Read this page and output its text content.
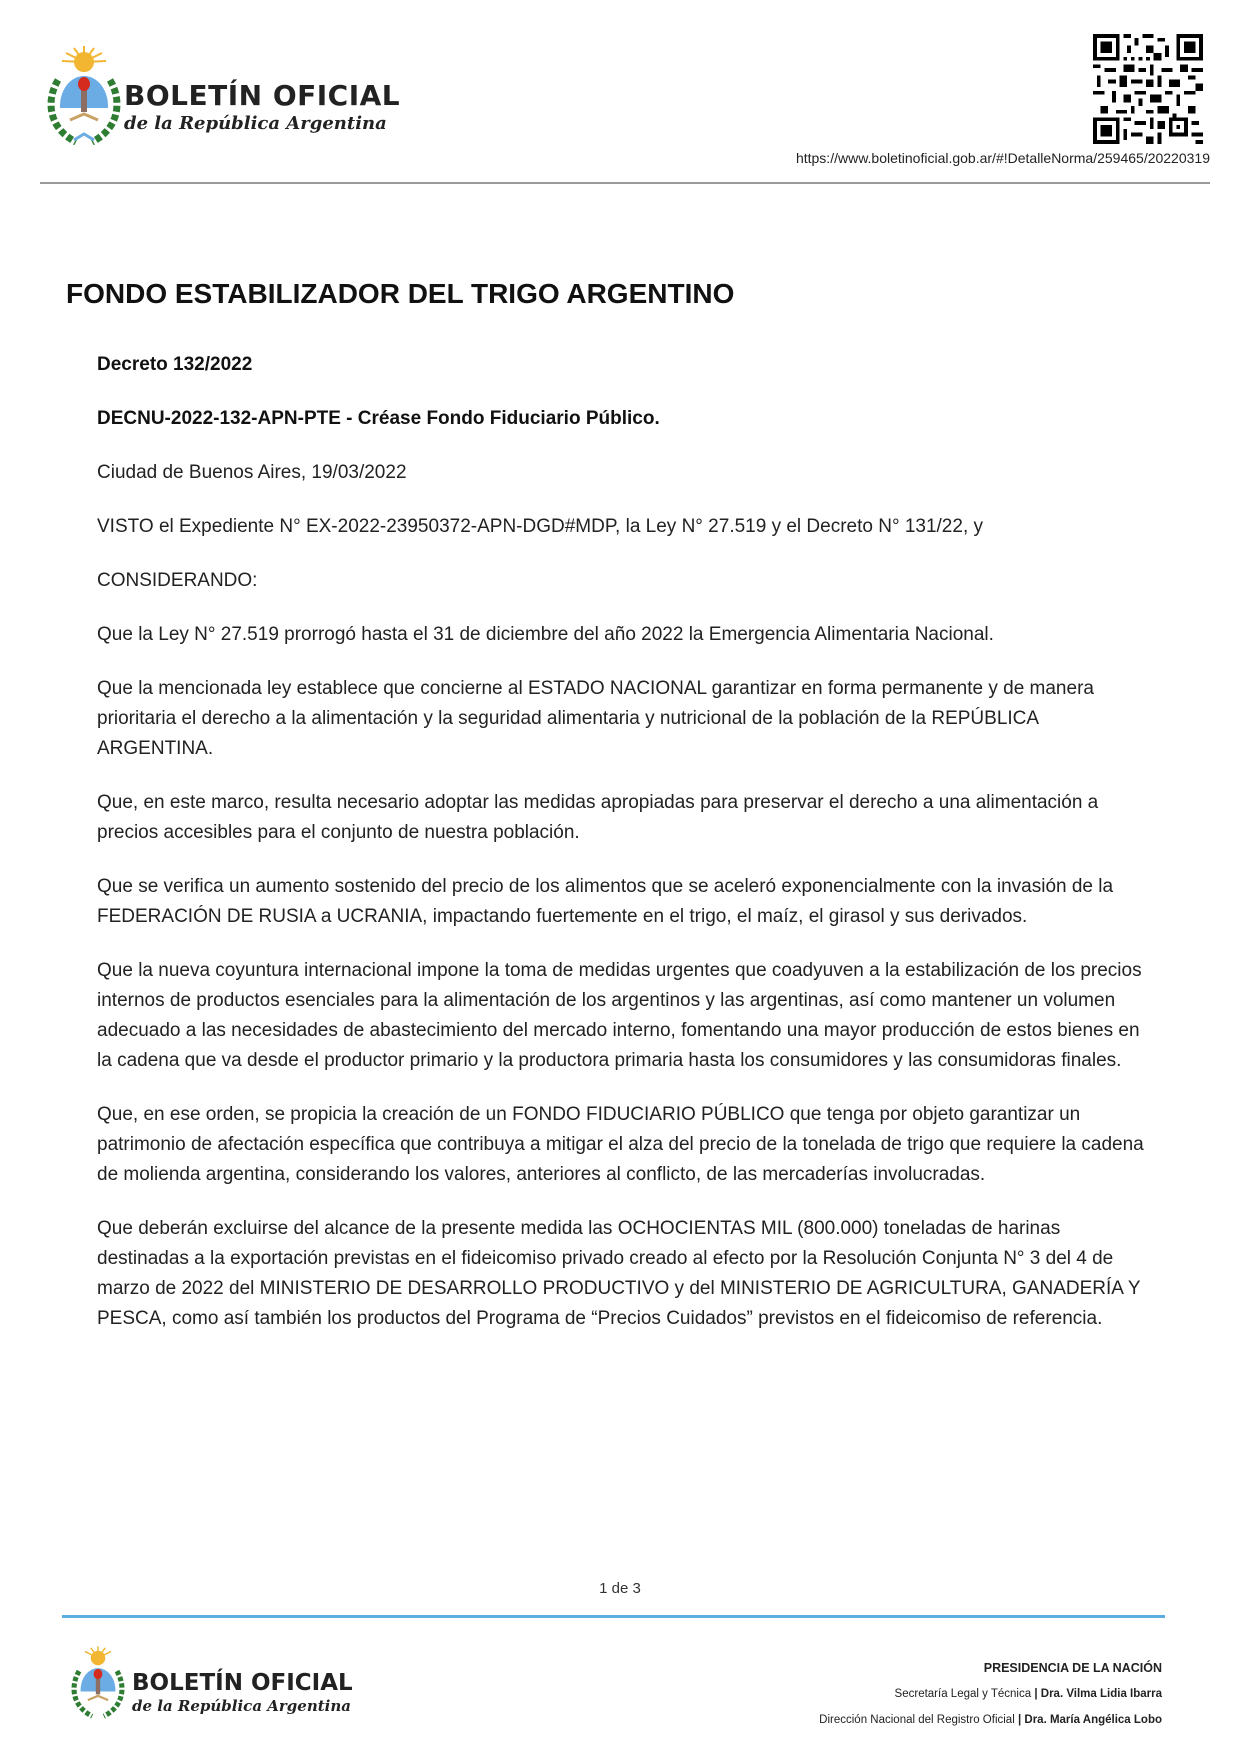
BOLETÍN OFICIAL
de la República Argentina
https://www.boletinoficial.gob.ar/#!DetalleNorma/259465/20220319
FONDO ESTABILIZADOR DEL TRIGO ARGENTINO

Decreto 132/2022

DECNU-2022-132-APN-PTE - Créase Fondo Fiduciario Público.

Ciudad de Buenos Aires, 19/03/2022

VISTO el Expediente N° EX-2022-23950372-APN-DGD#MDP, la Ley N° 27.519 y el Decreto N° 131/22, y

CONSIDERANDO:

Que la Ley N° 27.519 prorrogó hasta el 31 de diciembre del año 2022 la Emergencia Alimentaria Nacional.

Que la mencionada ley establece que concierne al ESTADO NACIONAL garantizar en forma permanente y de manera prioritaria el derecho a la alimentación y la seguridad alimentaria y nutricional de la población de la REPÚBLICA ARGENTINA.

Que, en este marco, resulta necesario adoptar las medidas apropiadas para preservar el derecho a una alimentación a precios accesibles para el conjunto de nuestra población.

Que se verifica un aumento sostenido del precio de los alimentos que se aceleró exponencialmente con la invasión de la FEDERACIÓN DE RUSIA a UCRANIA, impactando fuertemente en el trigo, el maíz, el girasol y sus derivados.

Que la nueva coyuntura internacional impone la toma de medidas urgentes que coadyuven a la estabilización de los precios internos de productos esenciales para la alimentación de los argentinos y las argentinas, así como mantener un volumen adecuado a las necesidades de abastecimiento del mercado interno, fomentando una mayor producción de estos bienes en la cadena que va desde el productor primario y la productora primaria hasta los consumidores y las consumidoras finales.

Que, en ese orden, se propicia la creación de un FONDO FIDUCIARIO PÚBLICO que tenga por objeto garantizar un patrimonio de afectación específica que contribuya a mitigar el alza del precio de la tonelada de trigo que requiere la cadena de molienda argentina, considerando los valores, anteriores al conflicto, de las mercaderías involucradas.

Que deberán excluirse del alcance de la presente medida las OCHOCIENTAS MIL (800.000) toneladas de harinas destinadas a la exportación previstas en el fideicomiso privado creado al efecto por la Resolución Conjunta N° 3 del 4 de marzo de 2022 del MINISTERIO DE DESARROLLO PRODUCTIVO y del MINISTERIO DE AGRICULTURA, GANADERÍA Y PESCA, como así también los productos del Programa de “Precios Cuidados” previstos en el fideicomiso de referencia.

1 de 3
BOLETÍN OFICIAL
de la República Argentina
PRESIDENCIA DE LA NACIÓN
Secretaría Legal y Técnica | Dra. Vilma Lidia Ibarra
Dirección Nacional del Registro Oficial | Dra. María Angélica Lobo
